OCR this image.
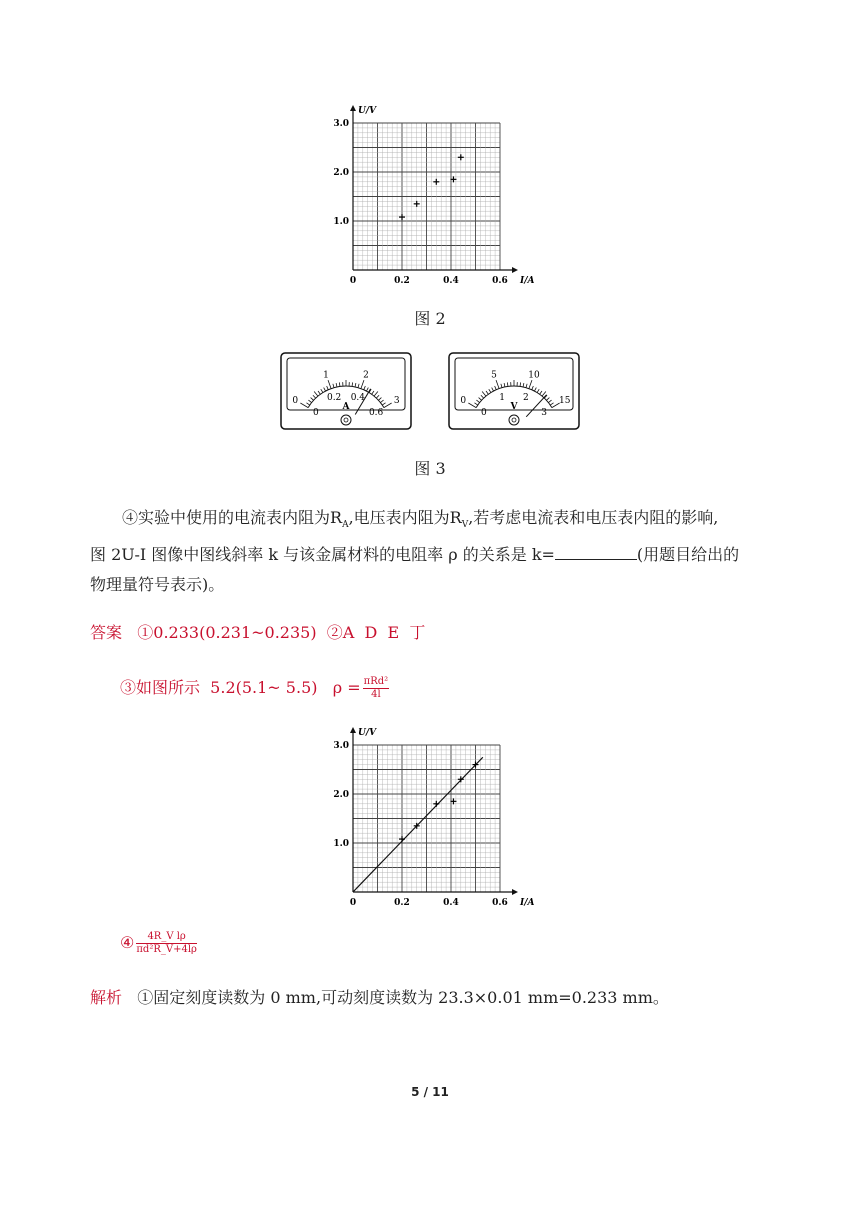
0	0.2	0.4	0.6
1.0
2.0
3.0
I/A
U/V
图 2
0
1	2
3
0
0.2 0.4
0.6
A
0
5	10
15
0
1 2
3
V
图 3
④实验中使用的电流表内阻为$R_A$,电压表内阻为$R_V$,若考虑电流表和电压表内阻的影响,
图 2U-I 图像中图线斜率 k 与该金属材料的电阻率 ρ 的关系是 k=	(用题目给出的
物理量符号表示)。
答案 ①0.233(0.231~0.235)  ②A  D  E  丁
③如图所示  5.2(5.1~ 5.5)   $\rho = \frac{\text{πRd²}}{4l}$
0	0.2	0.4	0.6
1.0
2.0
3.0
I/A
U/V
④ $\frac{\text{4R\_V lρ}}{\text{πd²R\_V+4lρ}}$
解析 ①固定刻度读数为 0 mm,可动刻度读数为 23.3×0.01 mm=0.233 mm。
5 / 11
